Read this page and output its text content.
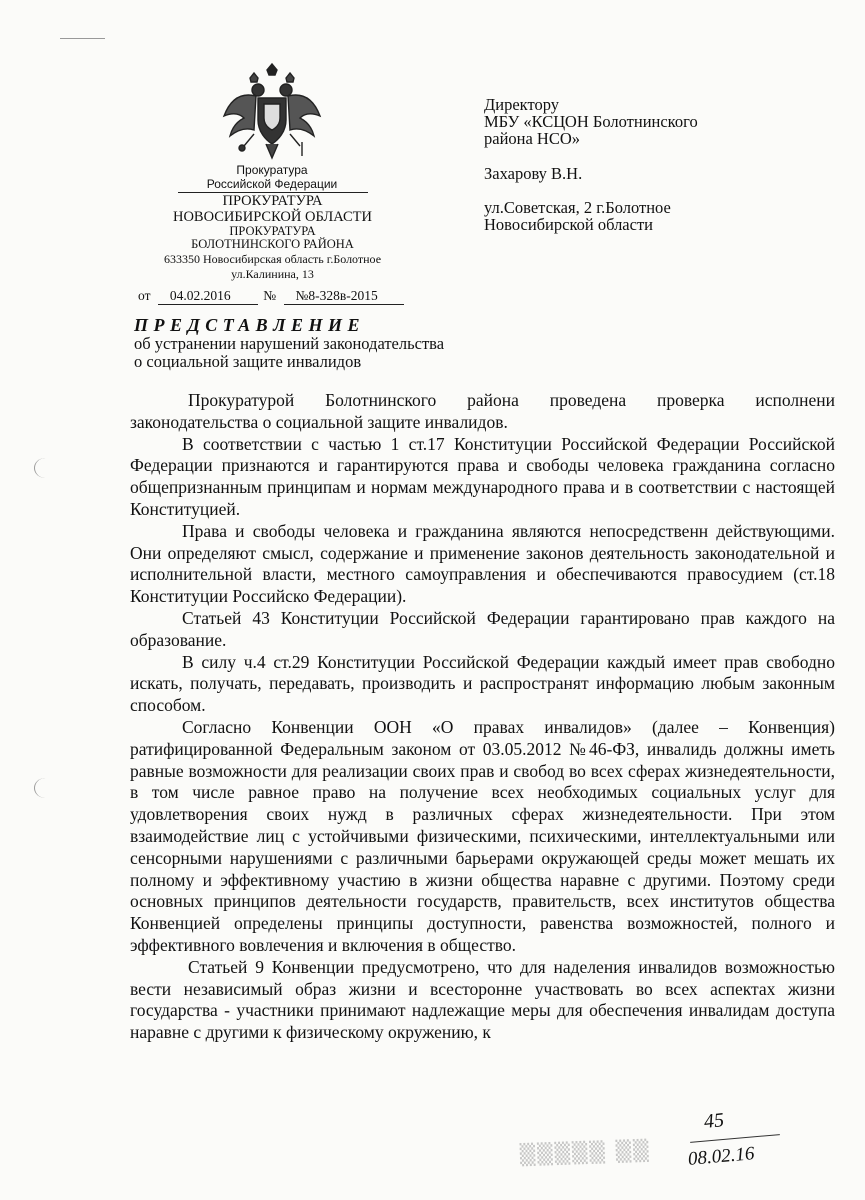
Прокуратура
Российской Федерации
ПРОКУРАТУРА
НОВОСИБИРСКОЙ ОБЛАСТИ
ПРОКУРАТУРА
БОЛОТНИНСКОГО РАЙОНА
633350 Новосибирская область г.Болотное
ул.Калинина, 13
от 04.02.2016 № №8-328в-2015
Директору
МБУ «КСЦОН Болотнинского
района НСО»
Захарову В.Н.
ул.Советская, 2 г.Болотное
Новосибирской области
ПРЕДСТАВЛЕНИЕ
об устранении нарушений законодательства
о социальной защите инвалидов

Прокуратурой Болотнинского района проведена проверка исполнени законодательства о социальной защите инвалидов.

В соответствии с частью 1 ст.17 Конституции Российской Федерации Российской Федерации признаются и гарантируются права и свободы человека гражданина согласно общепризнанным принципам и нормам международного права и в соответствии с настоящей Конституцией.

Права и свободы человека и гражданина являются непосредственн действующими. Они определяют смысл, содержание и применение законов деятельность законодательной и исполнительной власти, местного самоуправления и обеспечиваются правосудием (ст.18 Конституции Российско Федерации).

Статьей 43 Конституции Российской Федерации гарантировано прав каждого на образование.

В силу ч.4 ст.29 Конституции Российской Федерации каждый имеет прав свободно искать, получать, передавать, производить и распространят информацию любым законным способом.

Согласно Конвенции ООН «О правах инвалидов» (далее – Конвенция) ратифицированной Федеральным законом от 03.05.2012 №46-ФЗ, инвалидь должны иметь равные возможности для реализации своих прав и свобод во всех сферах жизнедеятельности, в том числе равное право на получение всех необходимых социальных услуг для удовлетворения своих нужд в различных сферах жизнедеятельности. При этом взаимодействие лиц с устойчивыми физическими, психическими, интеллектуальными или сенсорными нарушениями с различными барьерами окружающей среды может мешать их полному и эффективному участию в жизни общества наравне с другими. Поэтому среди основных принципов деятельности государств, правительств, всех институтов общества Конвенцией определены принципы доступности, равенства возможностей, полного и эффективного вовлечения и включения в общество.

Статьей 9 Конвенции предусмотрено, что для наделения инвалидов возможностью вести независимый образ жизни и всесторонне участвовать во всех аспектах жизни государства - участники принимают надлежащие меры для обеспечения инвалидам доступа наравне с другими к физическому окружению, к

▒▒▒▒▒ ▒▒
45
08.02.16
